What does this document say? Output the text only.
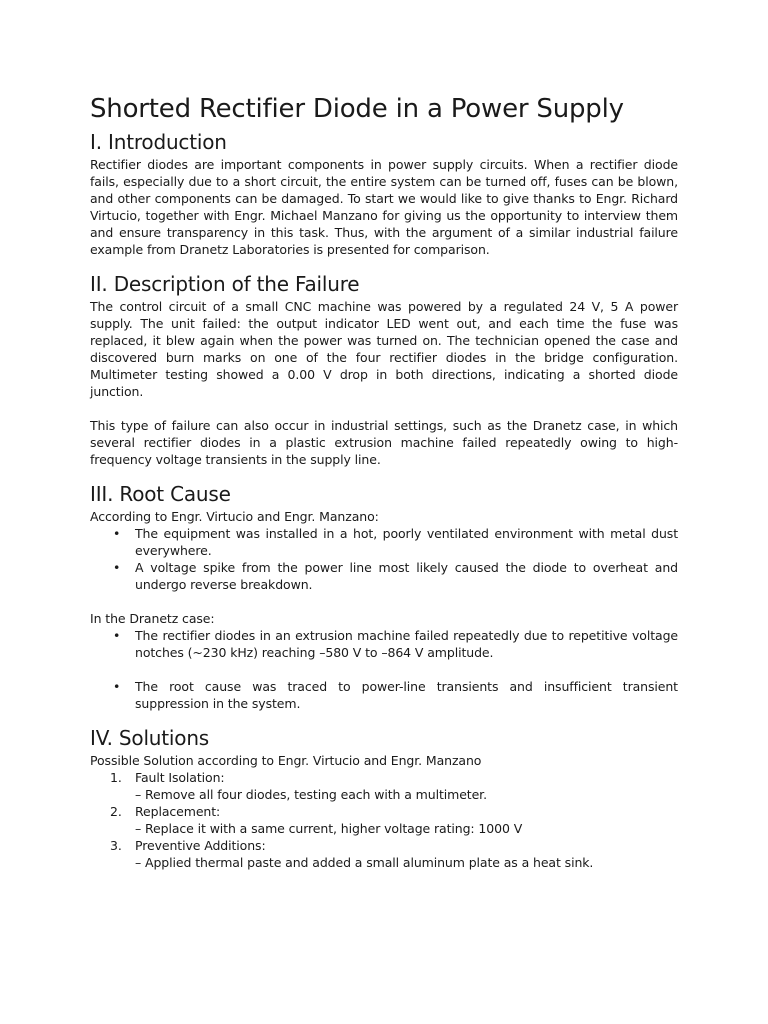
Shorted Rectifier Diode in a Power Supply
I. Introduction

Rectifier diodes are important components in power supply circuits. When a rectifier diode fails, especially due to a short circuit, the entire system can be turned off, fuses can be blown, and other components can be damaged. To start we would like to give thanks to Engr. Richard Virtucio, together with Engr. Michael Manzano for giving us the opportunity to interview them and ensure transparency in this task. Thus, with the argument of a similar industrial failure example from Dranetz Laboratories is presented for comparison.

II. Description of the Failure

The control circuit of a small CNC machine was powered by a regulated 24 V, 5 A power supply. The unit failed: the output indicator LED went out, and each time the fuse was replaced, it blew again when the power was turned on. The technician opened the case and discovered burn marks on one of the four rectifier diodes in the bridge configuration. Multimeter testing showed a 0.00 V drop in both directions, indicating a shorted diode junction.

This type of failure can also occur in industrial settings, such as the Dranetz case, in which several rectifier diodes in a plastic extrusion machine failed repeatedly owing to high-frequency voltage transients in the supply line.

III. Root Cause

According to Engr. Virtucio and Engr. Manzano:

• The equipment was installed in a hot, poorly ventilated environment with metal dust everywhere.
• A voltage spike from the power line most likely caused the diode to overheat and undergo reverse breakdown.

In the Dranetz case:

• The rectifier diodes in an extrusion machine failed repeatedly due to repetitive voltage notches (~230 kHz) reaching –580 V to –864 V amplitude.
• The root cause was traced to power-line transients and insufficient transient suppression in the system.
IV. Solutions

Possible Solution according to Engr. Virtucio and Engr. Manzano

1. Fault Isolation:
– Remove all four diodes, testing each with a multimeter.
2. Replacement:
– Replace it with a same current, higher voltage rating: 1000 V
3. Preventive Additions:
– Applied thermal paste and added a small aluminum plate as a heat sink.
